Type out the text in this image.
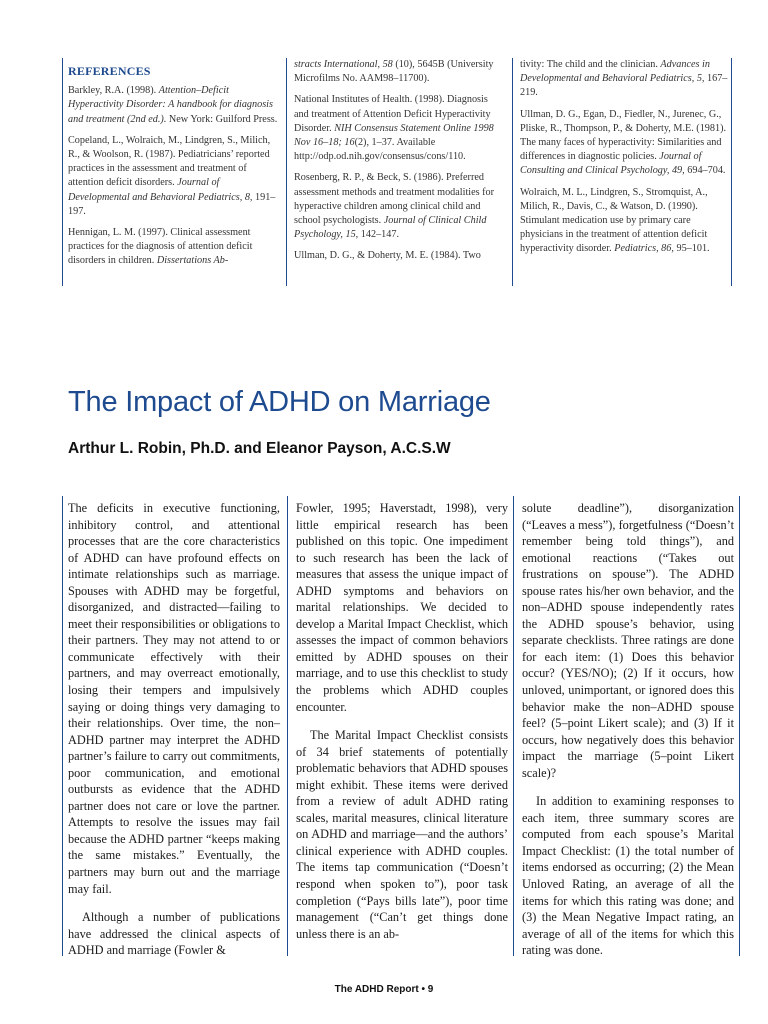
REFERENCES

Barkley, R.A. (1998). Attention–Deficit Hyperactivity Disorder: A handbook for diagnosis and treatment (2nd ed.). New York: Guilford Press.

Copeland, L., Wolraich, M., Lindgren, S., Milich, R., & Woolson, R. (1987). Pediatricians’ reported practices in the assessment and treatment of attention deficit disorders. Journal of Developmental and Behavioral Pediatrics, 8, 191–197.

Hennigan, L. M. (1997). Clinical assessment practices for the diagnosis of attention deficit disorders in children. Dissertations Ab-

stracts International, 58 (10), 5645B (University Microfilms No. AAM98–11700).

National Institutes of Health. (1998). Diagnosis and treatment of Attention Deficit Hyperactivity Disorder. NIH Consensus Statement Online 1998 Nov 16–18; 16(2), 1–37. Available http://odp.od.nih.gov/consensus/cons/110.

Rosenberg, R. P., & Beck, S. (1986). Preferred assessment methods and treatment modalities for hyperactive children among clinical child and school psychologists. Journal of Clinical Child Psychology, 15, 142–147.

Ullman, D. G., & Doherty, M. E. (1984). Two

tivity: The child and the clinician. Advances in Developmental and Behavioral Pediatrics, 5, 167–219.

Ullman, D. G., Egan, D., Fiedler, N., Jurenec, G., Pliske, R., Thompson, P., & Doherty, M.E. (1981). The many faces of hyperactivity: Similarities and differences in diagnostic policies. Journal of Consulting and Clinical Psychology, 49, 694–704.

Wolraich, M. L., Lindgren, S., Stromquist, A., Milich, R., Davis, C., & Watson, D. (1990). Stimulant medication use by primary care physicians in the treatment of attention deficit hyperactivity disorder. Pediatrics, 86, 95–101.

The Impact of ADHD on Marriage
Arthur L. Robin, Ph.D. and Eleanor Payson, A.C.S.W

The deficits in executive functioning, inhibitory control, and attentional processes that are the core characteristics of ADHD can have profound effects on intimate relationships such as marriage. Spouses with ADHD may be forgetful, disorganized, and distracted—failing to meet their responsibilities or obligations to their partners. They may not attend to or communicate effectively with their partners, and may overreact emotionally, losing their tempers and impulsively saying or doing things very damaging to their relationships. Over time, the non–ADHD partner may interpret the ADHD partner’s failure to carry out commitments, poor communication, and emotional outbursts as evidence that the ADHD partner does not care or love the partner. Attempts to resolve the issues may fail because the ADHD partner “keeps making the same mistakes.” Eventually, the partners may burn out and the marriage may fail.

Although a number of publications have addressed the clinical aspects of ADHD and marriage (Fowler &

Fowler, 1995; Haverstadt, 1998), very little empirical research has been published on this topic. One impediment to such research has been the lack of measures that assess the unique impact of ADHD symptoms and behaviors on marital relationships. We decided to develop a Marital Impact Checklist, which assesses the impact of common behaviors emitted by ADHD spouses on their marriage, and to use this checklist to study the problems which ADHD couples encounter.

The Marital Impact Checklist consists of 34 brief statements of potentially problematic behaviors that ADHD spouses might exhibit. These items were derived from a review of adult ADHD rating scales, marital measures, clinical literature on ADHD and marriage—and the authors’ clinical experience with ADHD couples. The items tap communication (“Doesn’t respond when spoken to”), poor task completion (“Pays bills late”), poor time management (“Can’t get things done unless there is an ab-

solute deadline”), disorganization (“Leaves a mess”), forgetfulness (“Doesn’t remember being told things”), and emotional reactions (“Takes out frustrations on spouse”). The ADHD spouse rates his/her own behavior, and the non–ADHD spouse independently rates the ADHD spouse’s behavior, using separate checklists. Three ratings are done for each item: (1) Does this behavior occur? (YES/NO); (2) If it occurs, how unloved, unimportant, or ignored does this behavior make the non–ADHD spouse feel? (5–point Likert scale); and (3) If it occurs, how negatively does this behavior impact the marriage (5–point Likert scale)?

In addition to examining responses to each item, three summary scores are computed from each spouse’s Marital Impact Checklist: (1) the total number of items endorsed as occurring; (2) the Mean Unloved Rating, an average of all the items for which this rating was done; and (3) the Mean Negative Impact rating, an average of all of the items for which this rating was done.

The ADHD Report • 9
